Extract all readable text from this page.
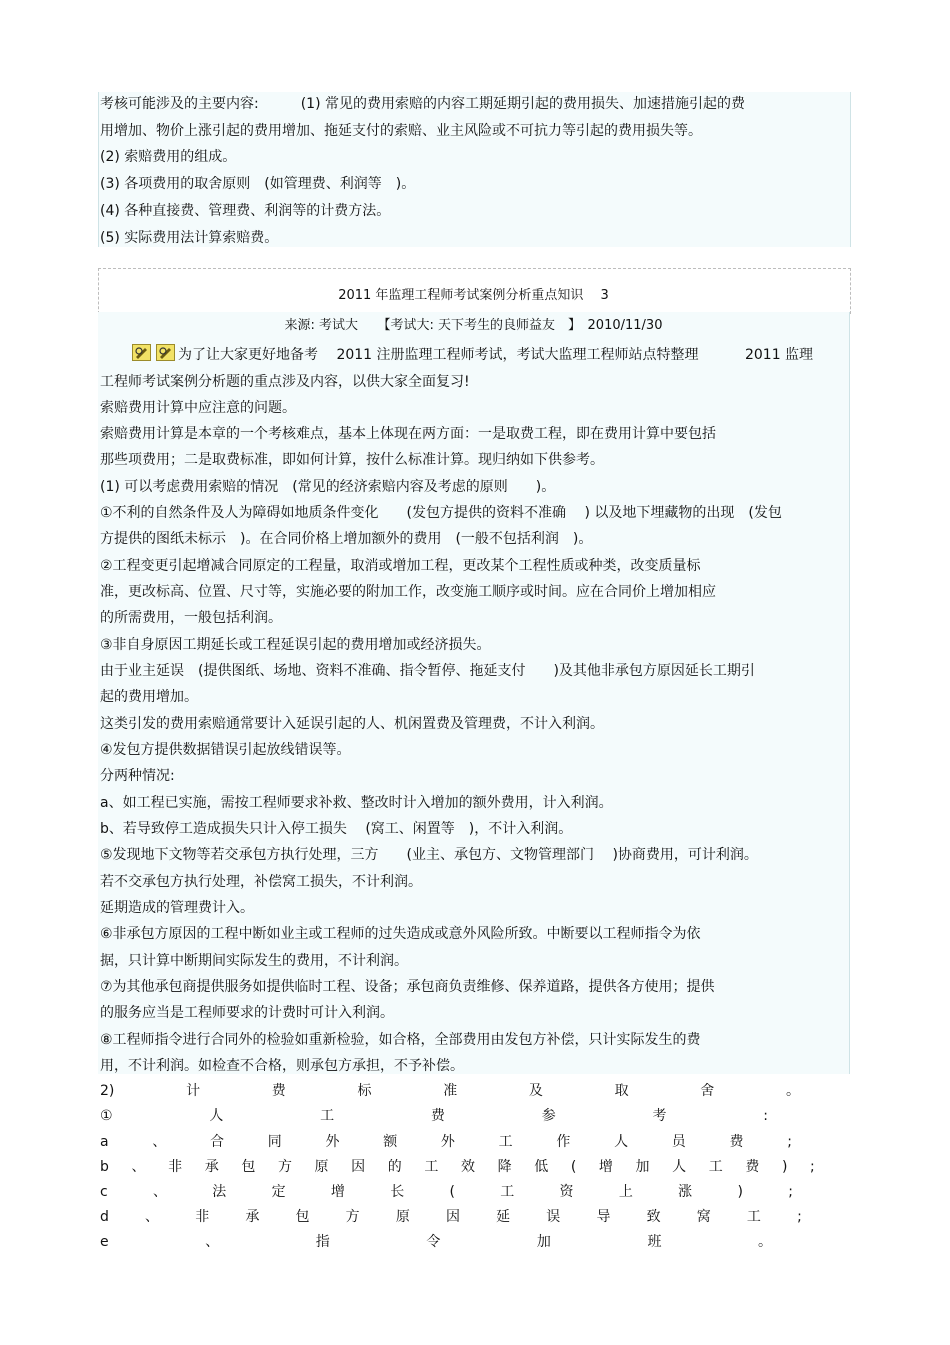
考核可能涉及的主要内容:　　　(1) 常见的费用索赔的内容工期延期引起的费用损失、加速措施引起的费
用增加、物价上涨引起的费用增加、拖延支付的索赔、业主风险或不可抗力等引起的费用损失等。
(2) 索赔费用的组成。
(3) 各项费用的取舍原则　(如管理费、利润等　)。
(4) 各种直接费、管理费、利润等的计费方法。
(5) 实际费用法计算索赔费。
2011 年监理工程师考试案例分析重点知识　 3
来源: 考试大　　【考试大: 天下考生的良师益友　】　2010/11/30
为了让大家更好地备考　 2011 注册监理工程师考试，考试大监理工程师站点特整理　　　 2011 监理
工程师考试案例分析题的重点涉及内容，以供大家全面复习!
索赔费用计算中应注意的问题。
索赔费用计算是本章的一个考核难点，基本上体现在两方面：一是取费工程，即在费用计算中要包括
那些项费用；二是取费标准，即如何计算，按什么标准计算。现归纳如下供参考。
(1) 可以考虑费用索赔的情况　(常见的经济索赔内容及考虑的原则　　)。
①不利的自然条件及人为障碍如地质条件变化　　(发包方提供的资料不准确　 ) 以及地下埋藏物的出现　(发包
方提供的图纸未标示　)。在合同价格上增加额外的费用　(一般不包括利润　)。
②工程变更引起增减合同原定的工程量，取消或增加工程，更改某个工程性质或种类，改变质量标
准，更改标高、位置、尺寸等，实施必要的附加工作，改变施工顺序或时间。应在合同价上增加相应
的所需费用，一般包括利润。
③非自身原因工期延长或工程延误引起的费用增加或经济损失。
由于业主延误　(提供图纸、场地、资料不准确、指令暂停、拖延支付　　)及其他非承包方原因延长工期引
起的费用增加。
这类引发的费用索赔通常要计入延误引起的人、机闲置费及管理费，不计入利润。
④发包方提供数据错误引起放线错误等。
分两种情况:
a、如工程已实施，需按工程师要求补救、整改时计入增加的额外费用，计入利润。
b、若导致停工造成损失只计入停工损失　 (窝工、闲置等　)，不计入利润。
⑤发现地下文物等若交承包方执行处理，三方　　(业主、承包方、文物管理部门　 )协商费用，可计利润。
若不交承包方执行处理，补偿窝工损失，不计利润。
延期造成的管理费计入。
⑥非承包方原因的工程中断如业主或工程师的过失造成或意外风险所致。中断要以工程师指令为依
据，只计算中断期间实际发生的费用，不计利润。
⑦为其他承包商提供服务如提供临时工程、设备；承包商负责维修、保养道路，提供各方使用；提供
的服务应当是工程师要求的计费时可计入利润。
⑧工程师指令进行合同外的检验如重新检验，如合格，全部费用由发包方补偿，只计实际发生的费
用，不计利润。如检查不合格，则承包方承担，不予补偿。
2)	计	费	标	准	及	取	舍	。
①	人	工	费	参	考	:
a	、	合	同	外	额	外	工	作	人	员	费	;
b 、 非 承 包 方 原 因 的 工 效 降 低 ( 增 加 人 工 费 ) ;
c	、	法	定	增	长	(	工	资	上	涨	)	;
d	、	非	承	包	方	原	因	延	误	导	致	窝	工	;
e	、	指	令	加	班	。
